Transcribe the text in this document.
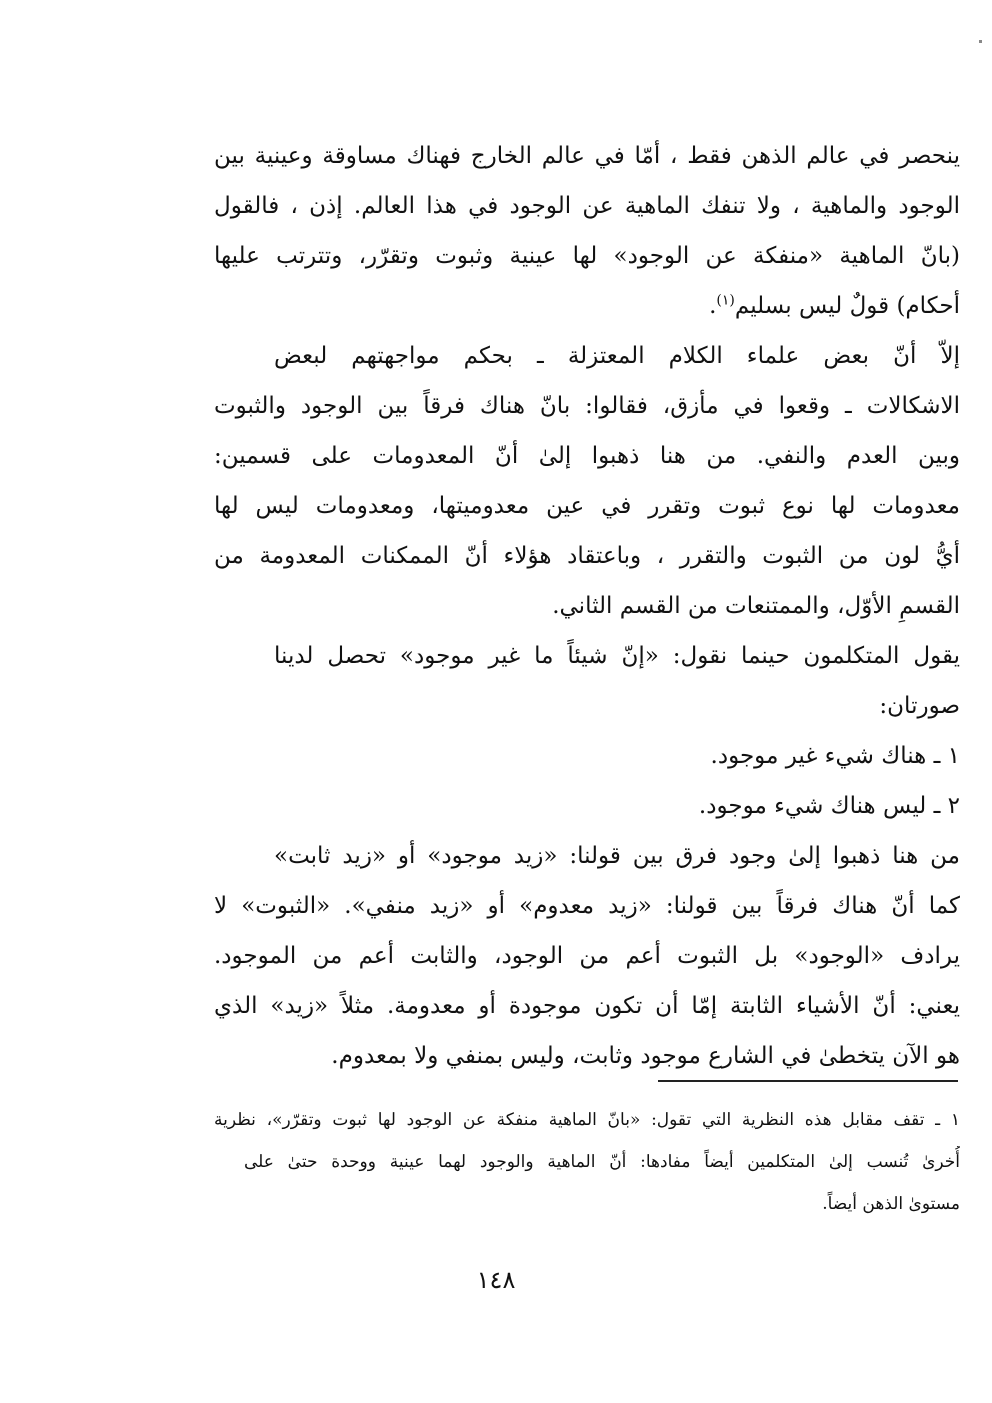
ينحصر في عالم الذهن فقط ، أمّا في عالم الخارج فهناك مساوقة وعينية بين
الوجود والماهية ، ولا تنفك الماهية عن الوجود في هذا العالم. إذن ، فالقول
(بانّ الماهية «منفكة عن الوجود» لها عينية وثبوت وتقرّر، وتترتب عليها
أحكام) قولٌ ليس بسليم$^{(١)}$.
إلاّ أنّ بعض علماء الكلام المعتزلة ـ بحكم مواجهتهم لبعض
الاشكالات ـ وقعوا في مأزق، فقالوا: بانّ هناك فرقاً بين الوجود والثبوت
وبين العدم والنفي. من هنا ذهبوا إلىٰ أنّ المعدومات على قسمين:
معدومات لها نوع ثبوت وتقرر في عين معدوميتها، ومعدومات ليس لها
أيُّ لون من الثبوت والتقرر ، وباعتقاد هؤلاء أنّ الممكنات المعدومة من
القسمِ الأوّل، والممتنعات من القسم الثاني.
يقول المتكلمون حينما نقول: «إنّ شيئاً ما غير موجود» تحصل لدينا
صورتان:
١ ـ هناك شيء غير موجود.
٢ ـ ليس هناك شيء موجود.
من هنا ذهبوا إلىٰ وجود فرق بين قولنا: «زيد موجود» أو «زيد ثابت»
كما أنّ هناك فرقاً بين قولنا: «زيد معدوم» أو «زيد منفي». «الثبوت» لا
يرادف «الوجود» بل الثبوت أعم من الوجود، والثابت أعم من الموجود.
يعني: أنّ الأشياء الثابتة إمّا أن تكون موجودة أو معدومة. مثلاً «زيد» الذي
هو الآن يتخطىٰ في الشارع موجود وثابت، وليس بمنفي ولا بمعدوم.
١ ـ تقف مقابل هذه النظرية التي تقول: «بانّ الماهية منفكة عن الوجود لها ثبوت وتقرّر»، نظرية
أُخرىٰ تُنسب إلىٰ المتكلمين أيضاً مفادها: أنّ الماهية والوجود لهما عينية ووحدة حتىٰ على
مستوىٰ الذهن أيضاً.
١٤٨
